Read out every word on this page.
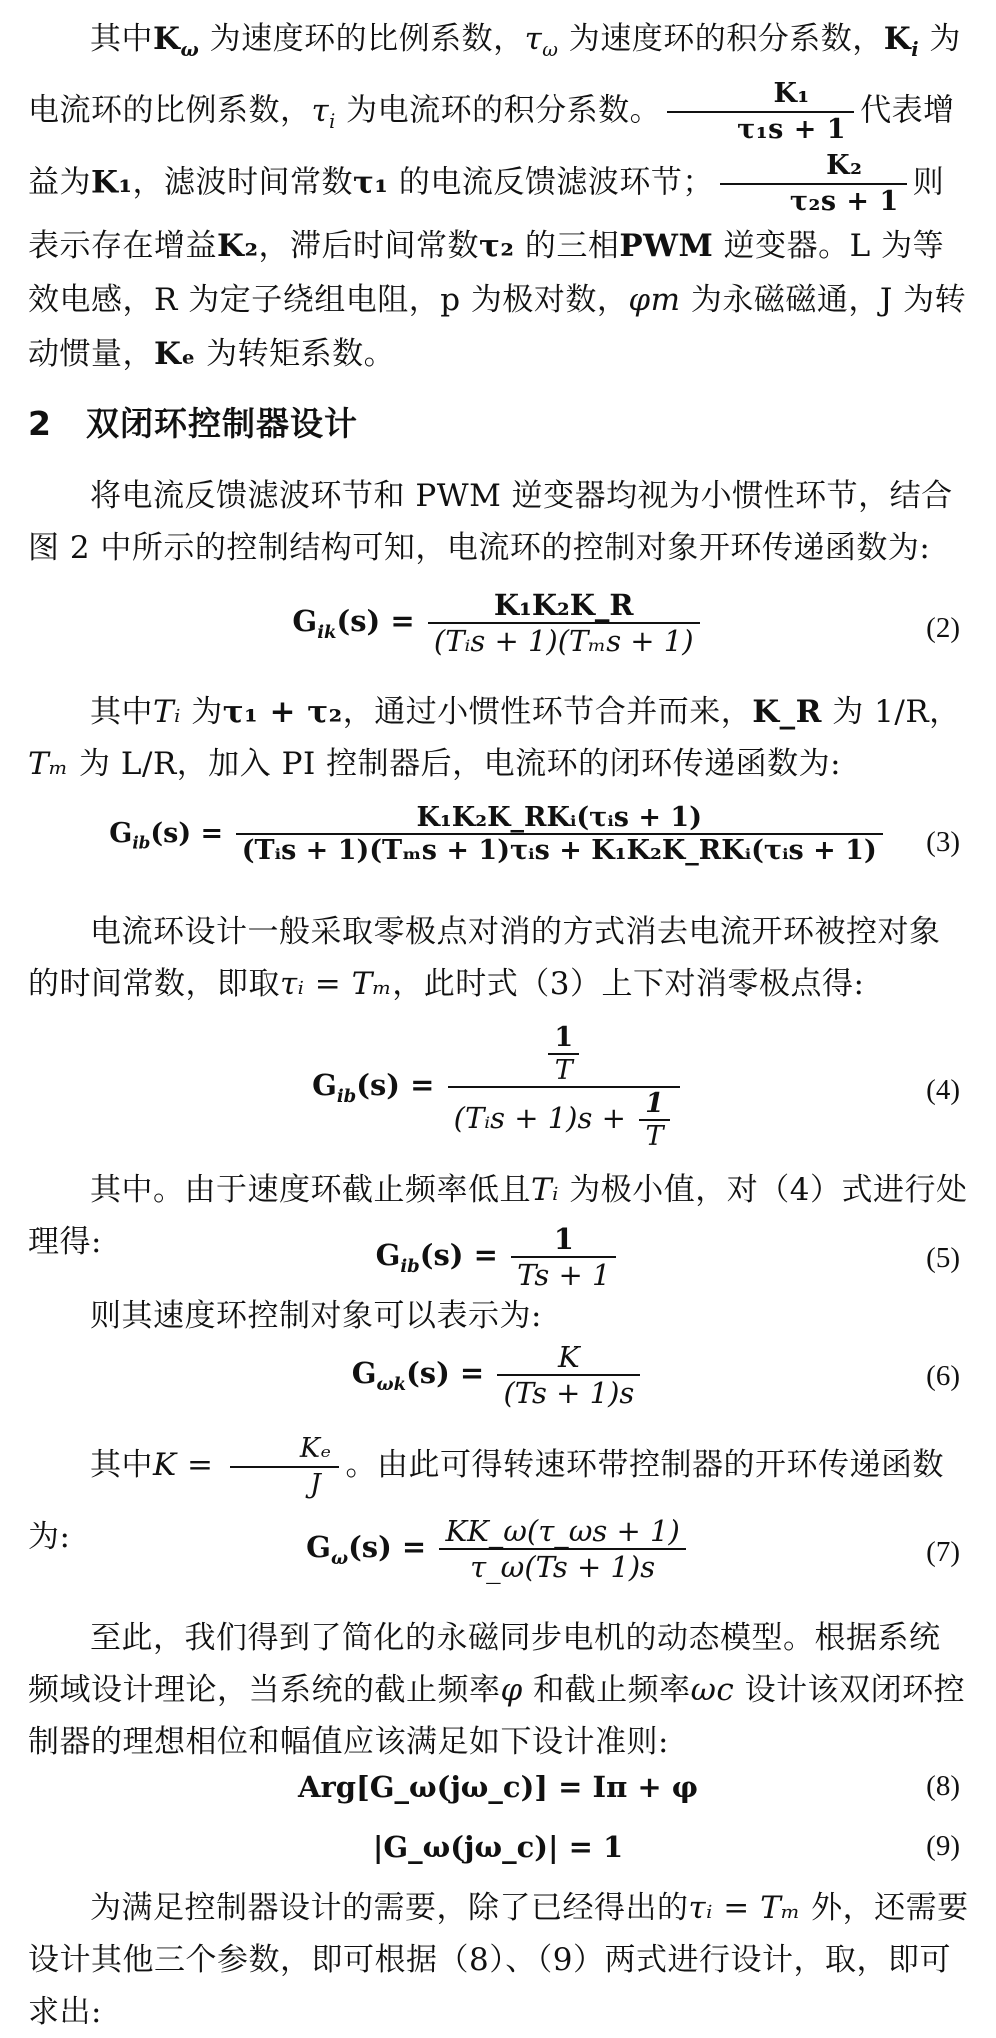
其中$K_\omega$ 为速度环的比例系数，$\tau_\omega$ 为速度环的积分系数，$K_i$ 为电流环的比例系数，$\tau_i$ 为电流环的积分系数。 $\frac{\text{K₁}}{\text{τ₁s + 1}}$ 代表增益为K₁，滤波时间常数τ₁ 的电流反馈滤波环节； $\frac{\text{K₂}}{\text{τ₂s + 1}}$ 则表示存在增益K₂，滞后时间常数τ₂ 的三相PWM 逆变器。L 为等效电感，R 为定子绕组电阻，p 为极对数，φm 为永磁磁通，J 为转动惯量，Kₑ 为转矩系数。

2 双闭环控制器设计

将电流反馈滤波环节和 PWM 逆变器均视为小惯性环节，结合图 2 中所示的控制结构可知，电流环的控制对象开环传递函数为:

$G_{ik}(s) = \frac{\text{K₁K₂K\_R}}{\text{(Tᵢs + 1)(Tₘs + 1)}}$	(2)

其中Tᵢ 为τ₁ + τ₂，通过小惯性环节合并而来，K_R 为 1/R，Tₘ 为 L/R，加入 PI 控制器后，电流环的闭环传递函数为:

$G_{ib}(s) = \frac{\text{K₁K₂K\_RKᵢ(τᵢs + 1)}}{\text{(Tᵢs + 1)(Tₘs + 1)τᵢs + K₁K₂K\_RKᵢ(τᵢs + 1)}} (3)$

电流环设计一般采取零极点对消的方式消去电流开环被控对象的时间常数，即取τᵢ = Tₘ，此时式（3）上下对消零极点得:

$G_{ib}(s) = \frac{\frac{1}{T}}{(Tᵢs + 1)s + \frac{1}{T}}$	(4)

其中。由于速度环截止频率低且Tᵢ 为极小值，对（4）式进行处理得:	$G_{ib}(s) = \frac{1}{Ts + 1}$	(5)

则其速度环控制对象可以表示为:

$G_{\omega k}(s) = \frac{K}{(Ts + 1)s}$	(6)

其中$K = \frac{\text{Kₑ}}{J}$ 。由此可得转速环带控制器的开环传递函数为:	$G_\omega(s) = \frac{KK\_\omega(\tau\_\omega s + 1)}{\tau\_\omega(Ts + 1)s}$	(7)

至此，我们得到了简化的永磁同步电机的动态模型。根据系统频域设计理论，当系统的截止频率φ 和截止频率ωc 设计该双闭环控制器的理想相位和幅值应该满足如下设计准则:

Arg[G_ω(jω_c)] = Iπ + φ	(8)
|G_ω(jω_c)| = 1	(9)

为满足控制器设计的需要，除了已经得出的τᵢ = Tₘ 外，还需要设计其他三个参数，即可根据（8）、（9）两式进行设计，取，即可求出:
